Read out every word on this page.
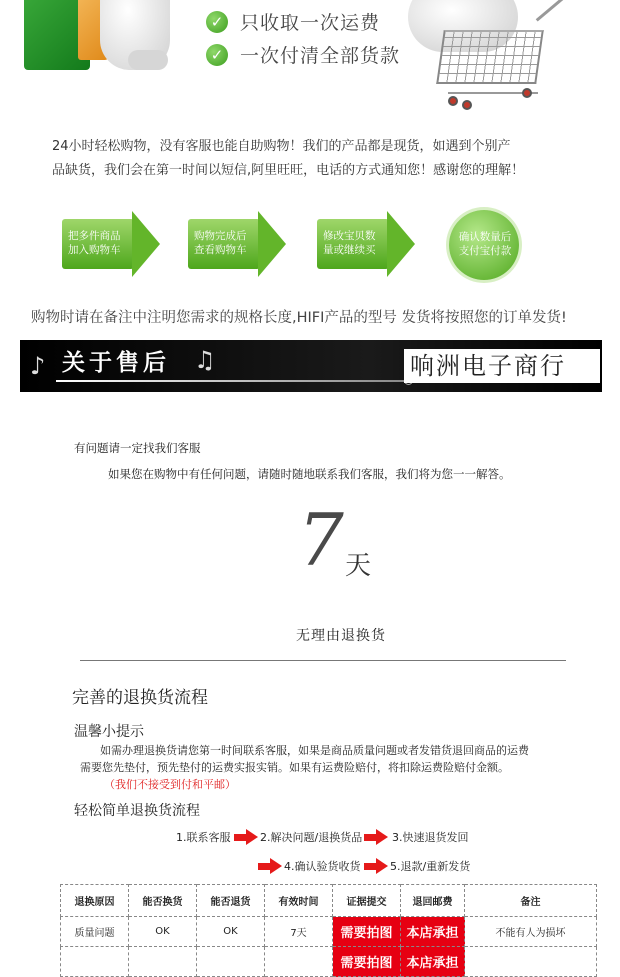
✓ 只收取一次运费
✓ 一次付清全部货款
24小时轻松购物，没有客服也能自助购物！我们的产品都是现货，如遇到个别产
品缺货，我们会在第一时间以短信,阿里旺旺，电话的方式通知您！感谢您的理解！
把多件商品
加入购物车
购物完成后
查看购物车
修改宝贝数
量或继续买
确认数量后
支付宝付款
购物时请在备注中注明您需求的规格长度,HIFI产品的型号 发货将按照您的订单发货!
♪ 关于售后 ♫	响洲电子商行
有问题请一定找我们客服
如果您在购物中有任何问题，请随时随地联系我们客服，我们将为您一一解答。
7 天
无理由退换货
完善的退换货流程
温馨小提示
如需办理退换货请您第一时间联系客服，如果是商品质量问题或者发错货退回商品的运费
需要您先垫付，预先垫付的运费实报实销。如果有运费险赔付，将扣除运费险赔付金额。
（我们不接受到付和平邮）
轻松简单退换货流程
1.联系客服	2.解决问题/退换货品	3.快速退货发回
4.确认验货收货	5.退款/重新发货
退换原因	能否换货	能否退货	有效时间	证据提交	退回邮费	备注
质量问题	OK	OK	7天	需要拍图	本店承担	不能有人为损坏
				需要拍图	本店承担	
